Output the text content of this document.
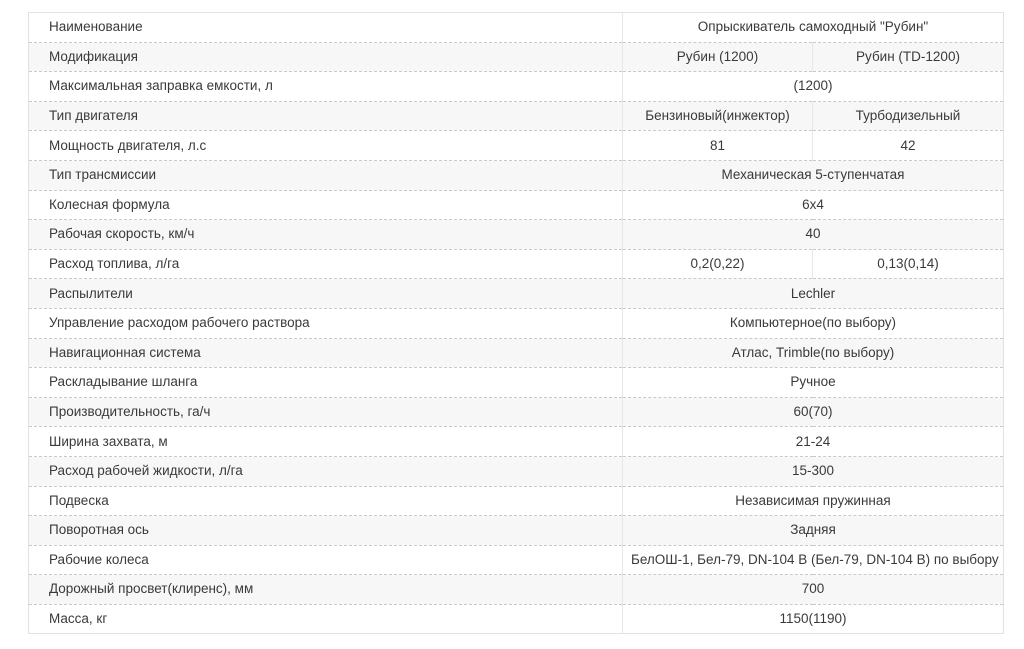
Наименование	Опрыскиватель самоходный "Рубин"	
Модификация	Рубин (1200)	Рубин (TD-1200)
Максимальная заправка емкости, л	(1200)	
Тип двигателя	Бензиновый(инжектор)	Турбодизельный
Мощность двигателя, л.с	81	42
Тип трансмиссии	Механическая 5-ступенчатая	
Колесная формула	6x4	
Рабочая скорость, км/ч	40	
Расход топлива, л/га	0,2(0,22)	0,13(0,14)
Распылители	Lechler	
Управление расходом рабочего раствора	Компьютерное(по выбору)	
Навигационная система	Атлас, Trimble(по выбору)	
Раскладывание шланга	Ручное	
Производительность, га/ч	60(70)	
Ширина захвата, м	21-24	
Расход рабочей жидкости, л/га	15-300	
Подвеска	Независимая пружинная	
Поворотная ось	Задняя	
Рабочие колеса	БелОШ-1, Бел-79, DN-104 B (Бел-79, DN-104 B) по выбору	
Дорожный просвет(клиренс), мм	700	
Масса, кг	1150(1190)	
